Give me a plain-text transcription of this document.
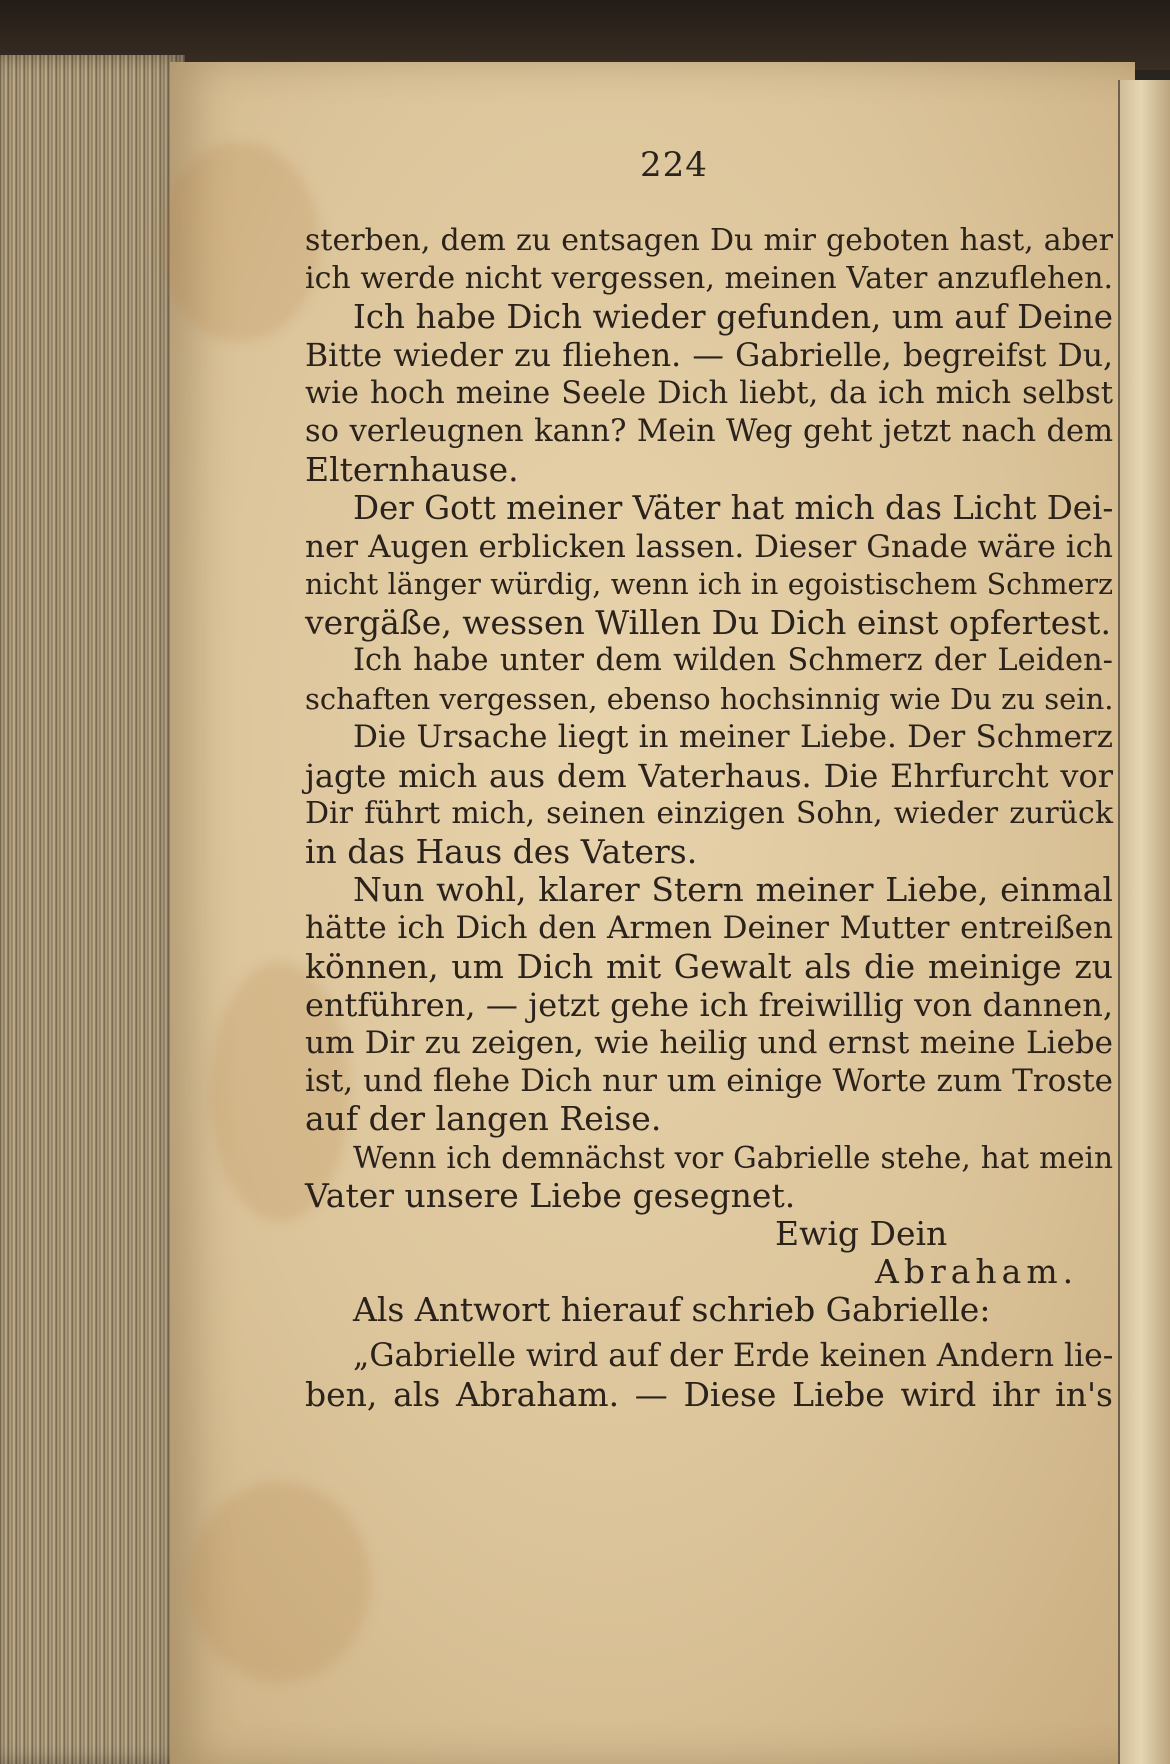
224
sterben, dem zu entsagen Du mir geboten hast, aber
ich werde nicht vergessen, meinen Vater anzuflehen.
Ich habe Dich wieder gefunden, um auf Deine
Bitte wieder zu fliehen. — Gabrielle, begreifst Du,
wie hoch meine Seele Dich liebt, da ich mich selbst
so verleugnen kann? Mein Weg geht jetzt nach dem
Elternhause.
Der Gott meiner Väter hat mich das Licht Dei-
ner Augen erblicken lassen. Dieser Gnade wäre ich
nicht länger würdig, wenn ich in egoistischem Schmerz
vergäße, wessen Willen Du Dich einst opfertest.
Ich habe unter dem wilden Schmerz der Leiden-
schaften vergessen, ebenso hochsinnig wie Du zu sein.
Die Ursache liegt in meiner Liebe. Der Schmerz
jagte mich aus dem Vaterhaus. Die Ehrfurcht vor
Dir führt mich, seinen einzigen Sohn, wieder zurück
in das Haus des Vaters.
Nun wohl, klarer Stern meiner Liebe, einmal
hätte ich Dich den Armen Deiner Mutter entreißen
können, um Dich mit Gewalt als die meinige zu
entführen, — jetzt gehe ich freiwillig von dannen,
um Dir zu zeigen, wie heilig und ernst meine Liebe
ist, und flehe Dich nur um einige Worte zum Troste
auf der langen Reise.
Wenn ich demnächst vor Gabrielle stehe, hat mein
Vater unsere Liebe gesegnet.
Ewig Dein
Abraham.
Als Antwort hierauf schrieb Gabrielle:
„Gabrielle wird auf der Erde keinen Andern lie-
ben, als Abraham. — Diese Liebe wird ihr in's
